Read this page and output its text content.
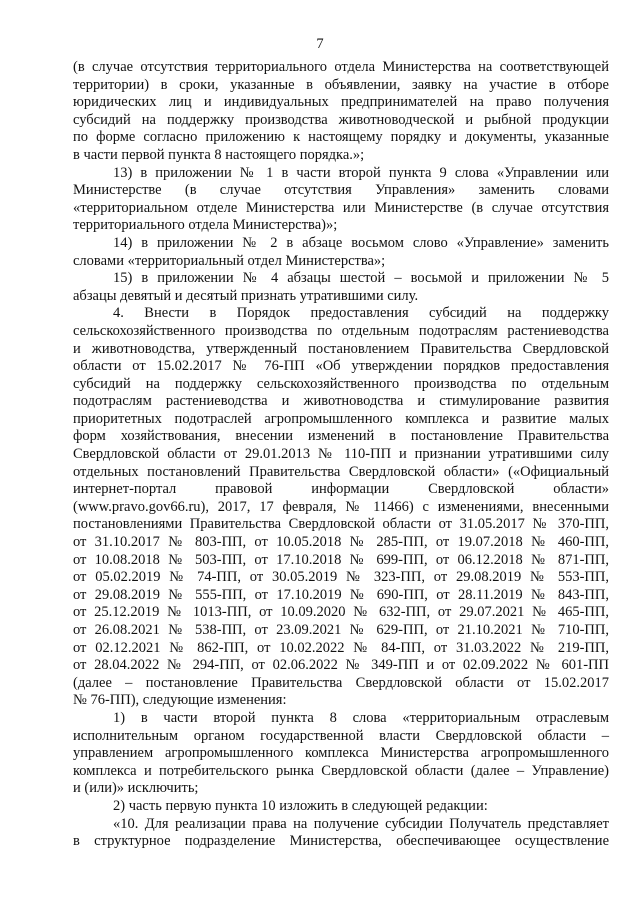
7

(в случае отсутствия территориального отдела Министерства на соответствующей
территории) в сроки, указанные в объявлении, заявку на участие в отборе
юридических лиц и индивидуальных предпринимателей на право получения
субсидий на поддержку производства животноводческой и рыбной продукции
по форме согласно приложению к настоящему порядку и документы, указанные
в части первой пункта 8 настоящего порядка.»;

13) в приложении № 1 в части второй пункта 9 слова «Управлении или
Министерстве (в случае отсутствия Управления» заменить словами
«территориальном отделе Министерства или Министерстве (в случае отсутствия
территориального отдела Министерства)»;

14) в приложении № 2 в абзаце восьмом слово «Управление» заменить
словами «территориальный отдел Министерства»;

15) в приложении № 4 абзацы шестой – восьмой и приложении № 5
абзацы девятый и десятый признать утратившими силу.

4. Внести в Порядок предоставления субсидий на поддержку
сельскохозяйственного производства по отдельным подотраслям растениеводства
и животноводства, утвержденный постановлением Правительства Свердловской
области от 15.02.2017 № 76-ПП «Об утверждении порядков предоставления
субсидий на поддержку сельскохозяйственного производства по отдельным
подотраслям растениеводства и животноводства и стимулирование развития
приоритетных подотраслей агропромышленного комплекса и развитие малых
форм хозяйствования, внесении изменений в постановление Правительства
Свердловской области от 29.01.2013 № 110-ПП и признании утратившими силу
отдельных постановлений Правительства Свердловской области» («Официальный
интернет-портал правовой информации Свердловской области»
(www.pravo.gov66.ru), 2017, 17 февраля, № 11466) с изменениями, внесенными
постановлениями Правительства Свердловской области от 31.05.2017 № 370-ПП,
от 31.10.2017 № 803-ПП, от 10.05.2018 № 285-ПП, от 19.07.2018 № 460-ПП,
от 10.08.2018 № 503-ПП, от 17.10.2018 № 699-ПП, от 06.12.2018 № 871-ПП,
от 05.02.2019 № 74-ПП, от 30.05.2019 № 323-ПП, от 29.08.2019 № 553-ПП,
от 29.08.2019 № 555-ПП, от 17.10.2019 № 690-ПП, от 28.11.2019 № 843-ПП,
от 25.12.2019 № 1013-ПП, от 10.09.2020 № 632-ПП, от 29.07.2021 № 465-ПП,
от 26.08.2021 № 538-ПП, от 23.09.2021 № 629-ПП, от 21.10.2021 № 710-ПП,
от 02.12.2021 № 862-ПП, от 10.02.2022 № 84-ПП, от 31.03.2022 № 219-ПП,
от 28.04.2022 № 294-ПП, от 02.06.2022 № 349-ПП и от 02.09.2022 № 601-ПП
(далее – постановление Правительства Свердловской области от 15.02.2017
№ 76-ПП), следующие изменения:

1) в части второй пункта 8 слова «территориальным отраслевым
исполнительным органом государственной власти Свердловской области –
управлением агропромышленного комплекса Министерства агропромышленного
комплекса и потребительского рынка Свердловской области (далее – Управление)
и (или)» исключить;

2) часть первую пункта 10 изложить в следующей редакции:

«10. Для реализации права на получение субсидии Получатель представляет
в структурное подразделение Министерства, обеспечивающее осуществление
